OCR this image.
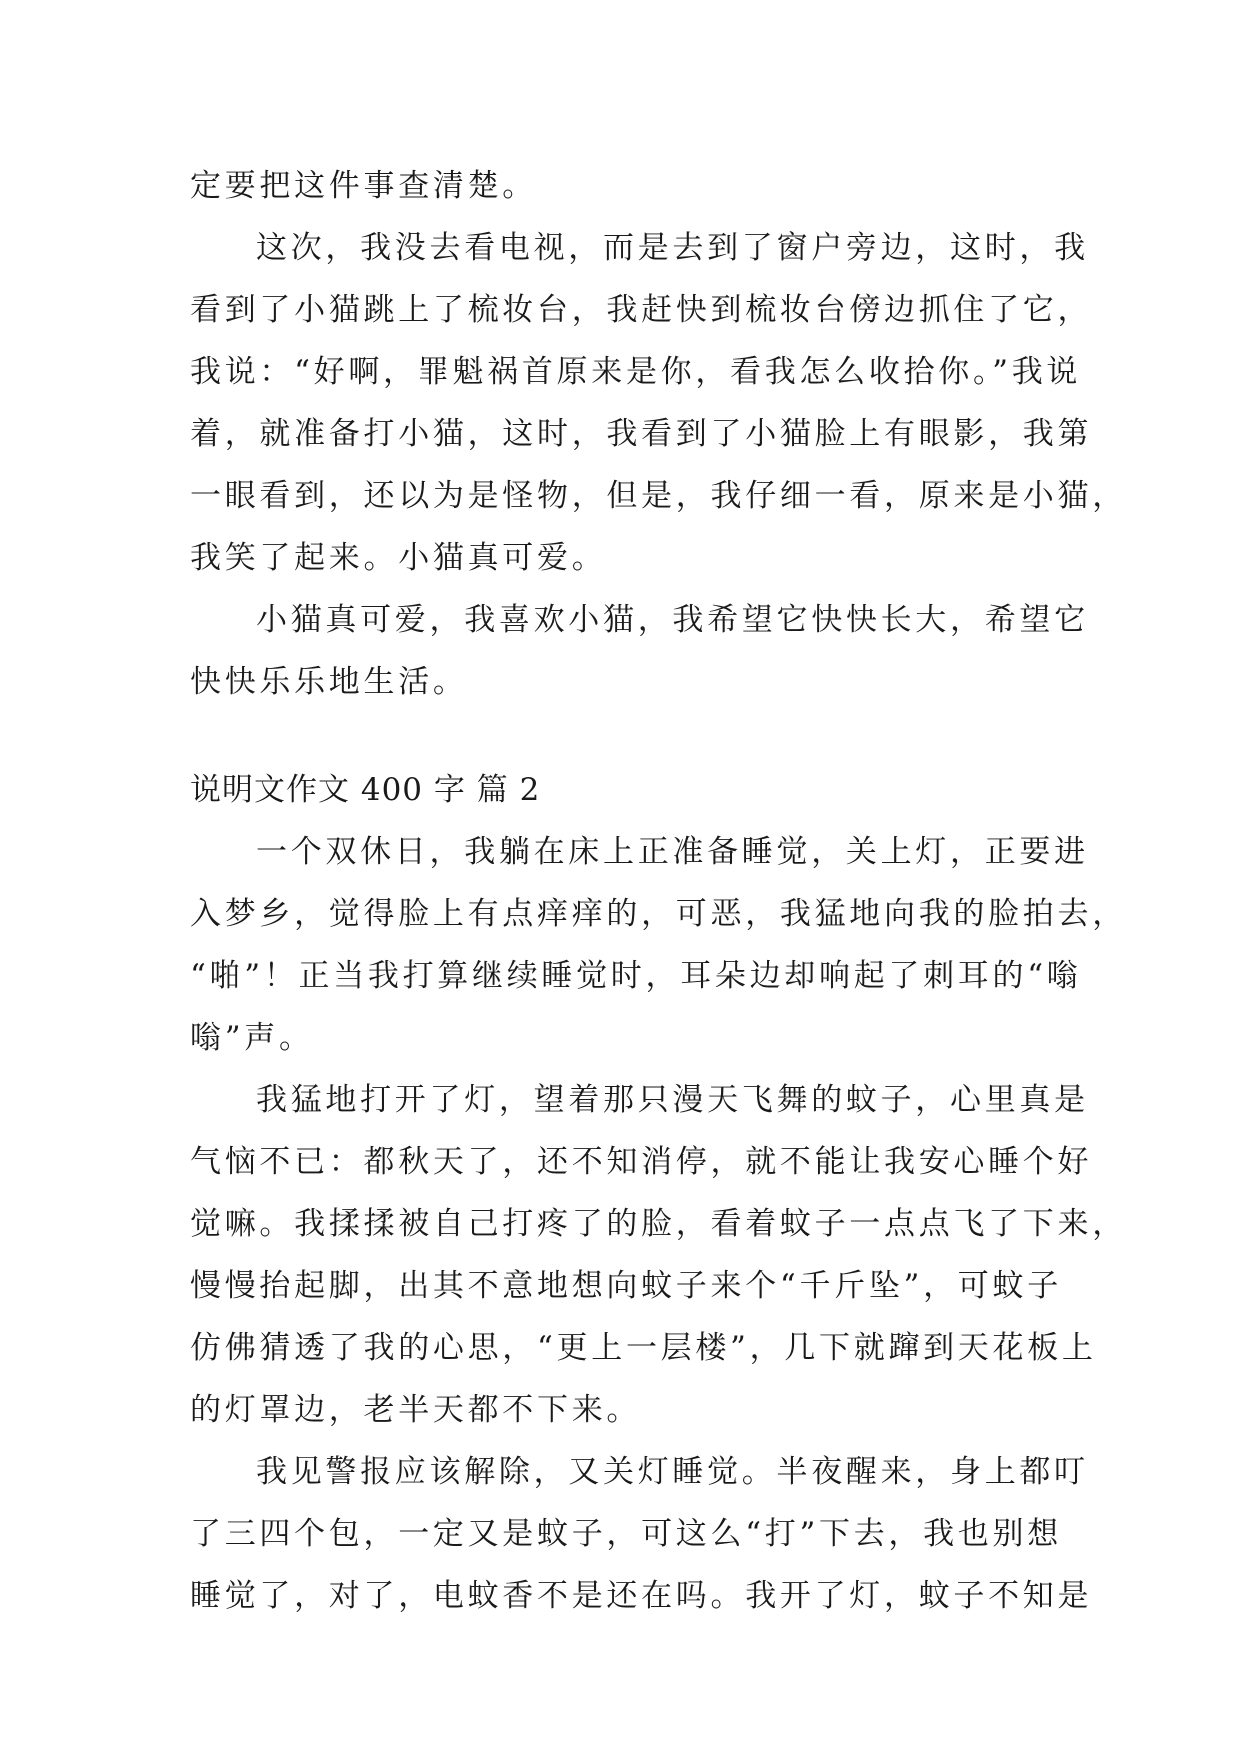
定要把这件事查清楚。
这次，我没去看电视，而是去到了窗户旁边，这时，我
看到了小猫跳上了梳妆台，我赶快到梳妆台傍边抓住了它，
我说：“好啊，罪魁祸首原来是你，看我怎么收拾你。”我说
着，就准备打小猫，这时，我看到了小猫脸上有眼影，我第
一眼看到，还以为是怪物，但是，我仔细一看，原来是小猫，
我笑了起来。小猫真可爱。
小猫真可爱，我喜欢小猫，我希望它快快长大，希望它
快快乐乐地生活。
说明文作文 400 字 篇 2
一个双休日，我躺在床上正准备睡觉，关上灯，正要进
入梦乡，觉得脸上有点痒痒的，可恶，我猛地向我的脸拍去，
“啪”！正当我打算继续睡觉时，耳朵边却响起了刺耳的“嗡
嗡”声。
我猛地打开了灯，望着那只漫天飞舞的蚊子，心里真是
气恼不已：都秋天了，还不知消停，就不能让我安心睡个好
觉嘛。我揉揉被自己打疼了的脸，看着蚊子一点点飞了下来，
慢慢抬起脚，出其不意地想向蚊子来个“千斤坠”，可蚊子
仿佛猜透了我的心思，“更上一层楼”，几下就蹿到天花板上
的灯罩边，老半天都不下来。
我见警报应该解除，又关灯睡觉。半夜醒来，身上都叮
了三四个包，一定又是蚊子，可这么“打”下去，我也别想
睡觉了，对了，电蚊香不是还在吗。我开了灯，蚊子不知是
